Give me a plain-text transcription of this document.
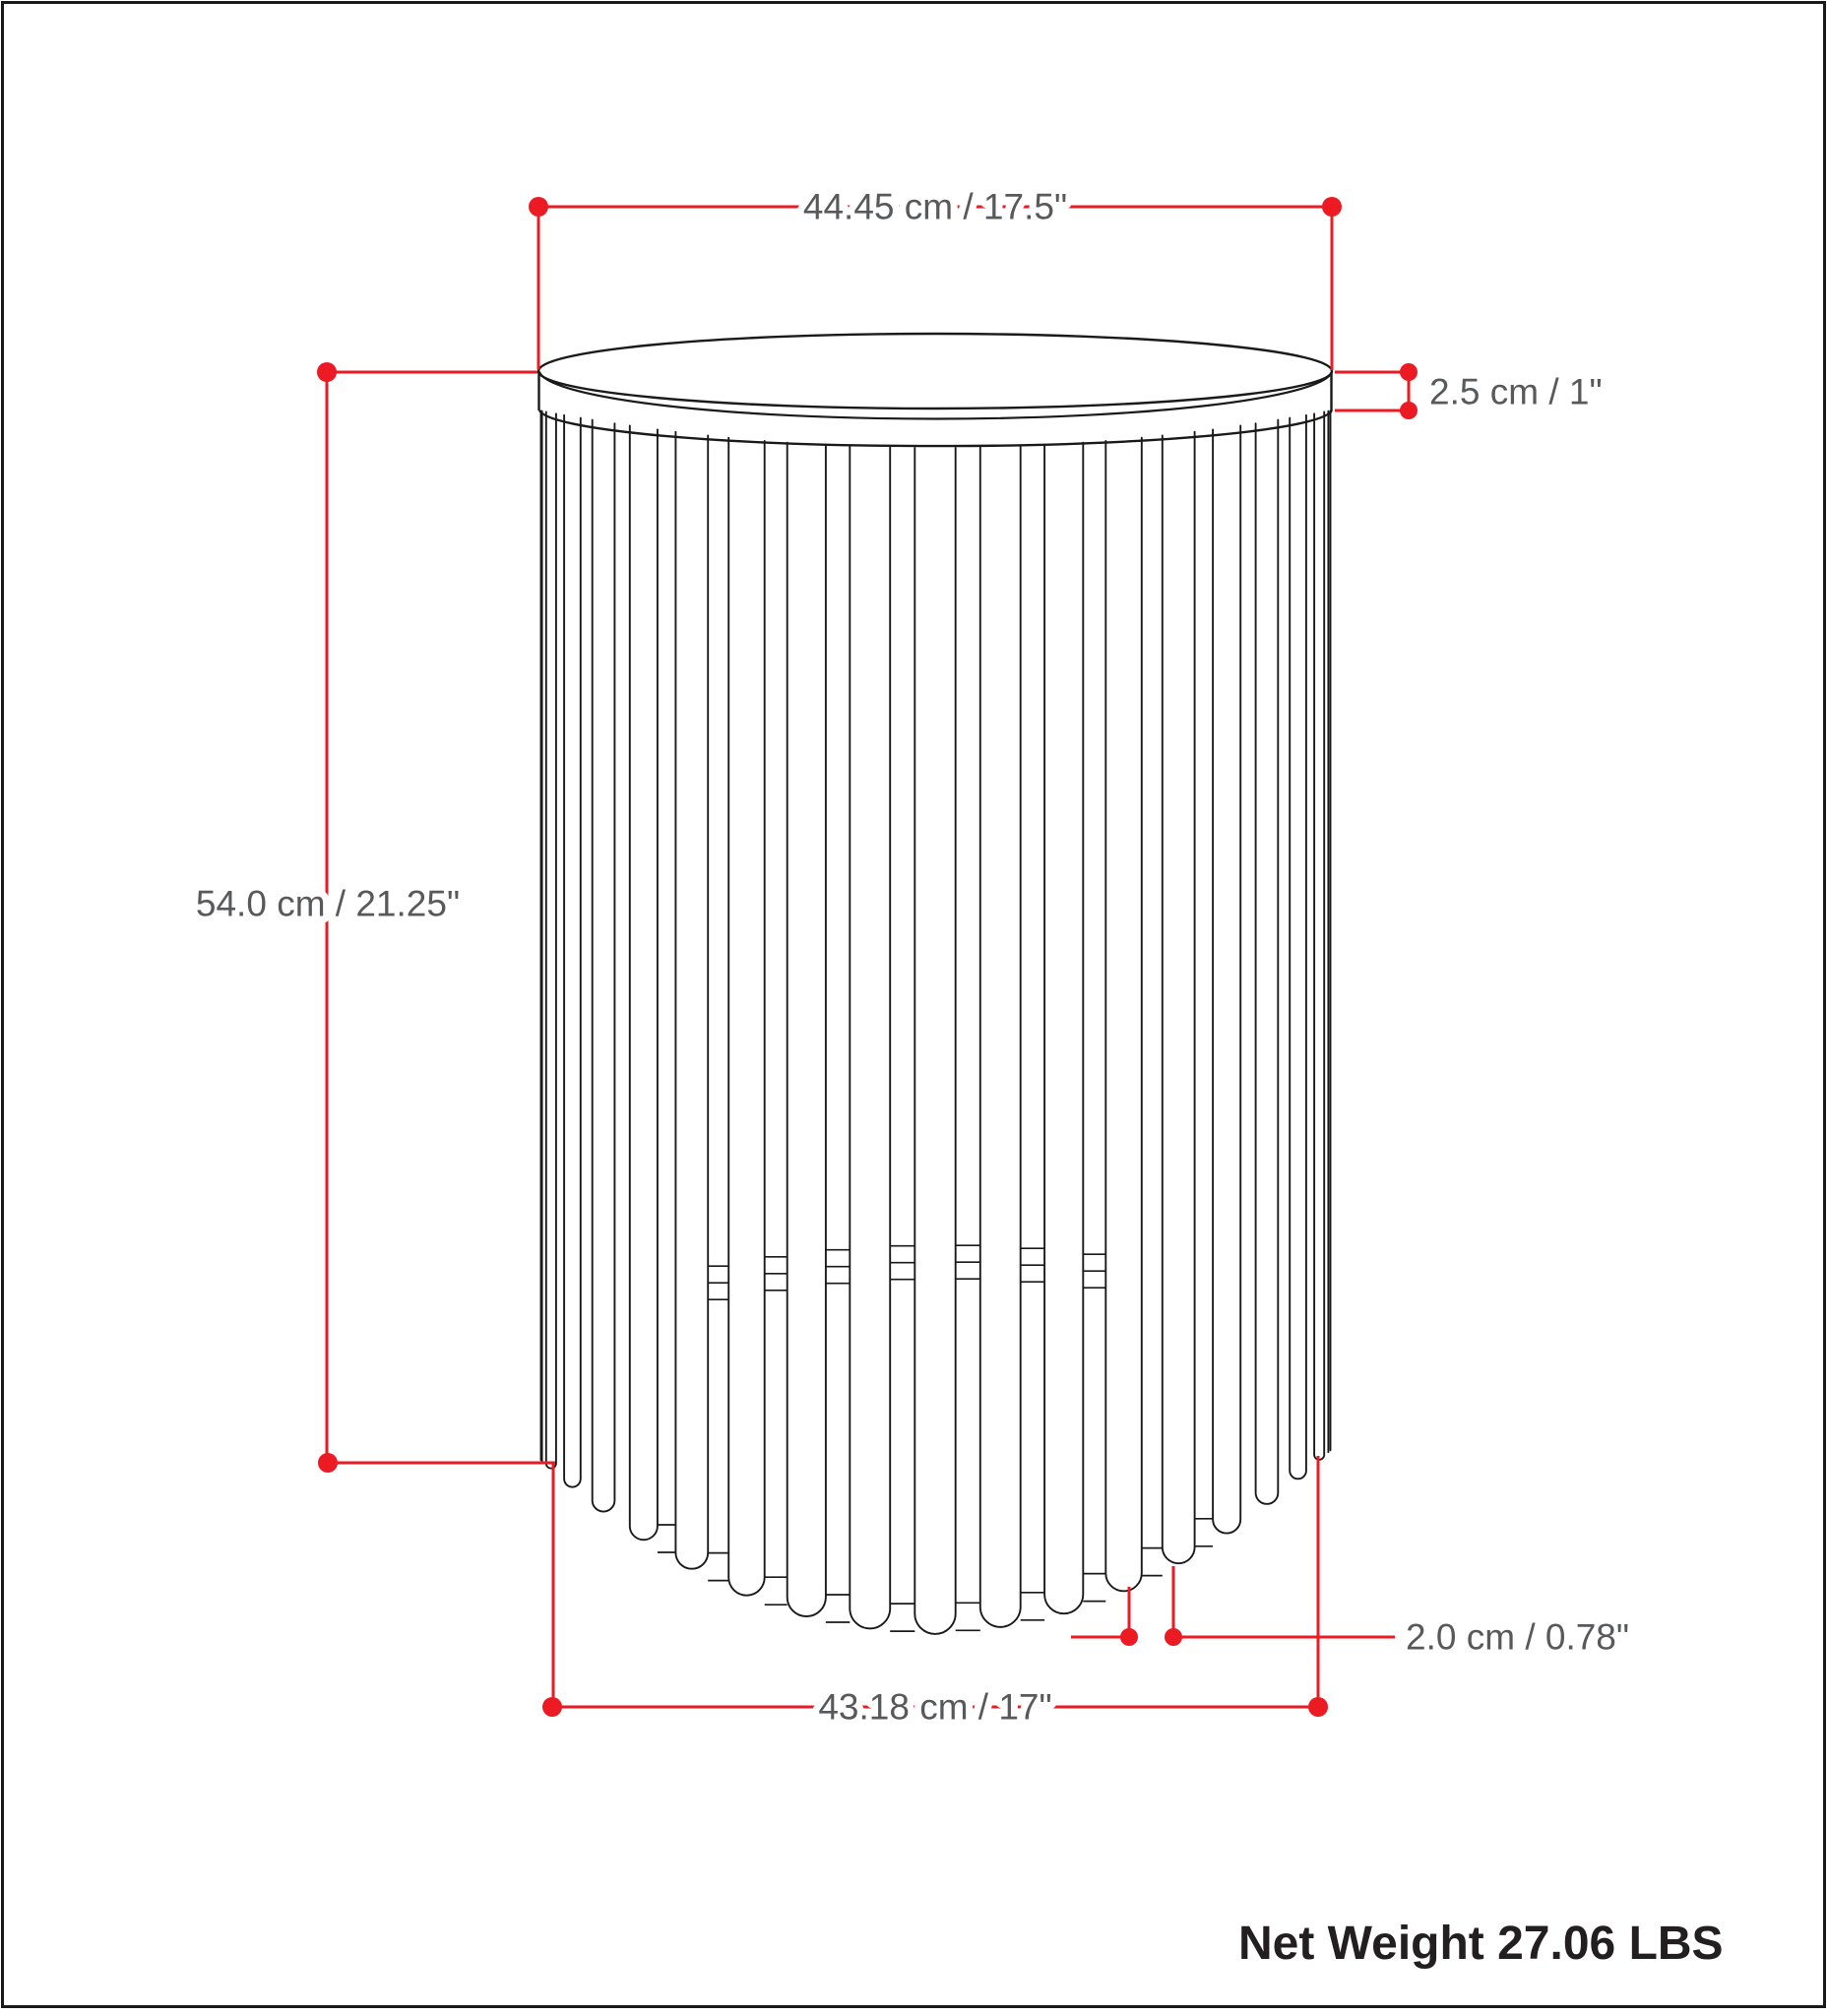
44.45 cm / 17.5"
2.5 cm / 1"
54.0 cm / 21.25"
43.18 cm / 17"
2.0 cm / 0.78"
Net Weight 27.06 LBS
